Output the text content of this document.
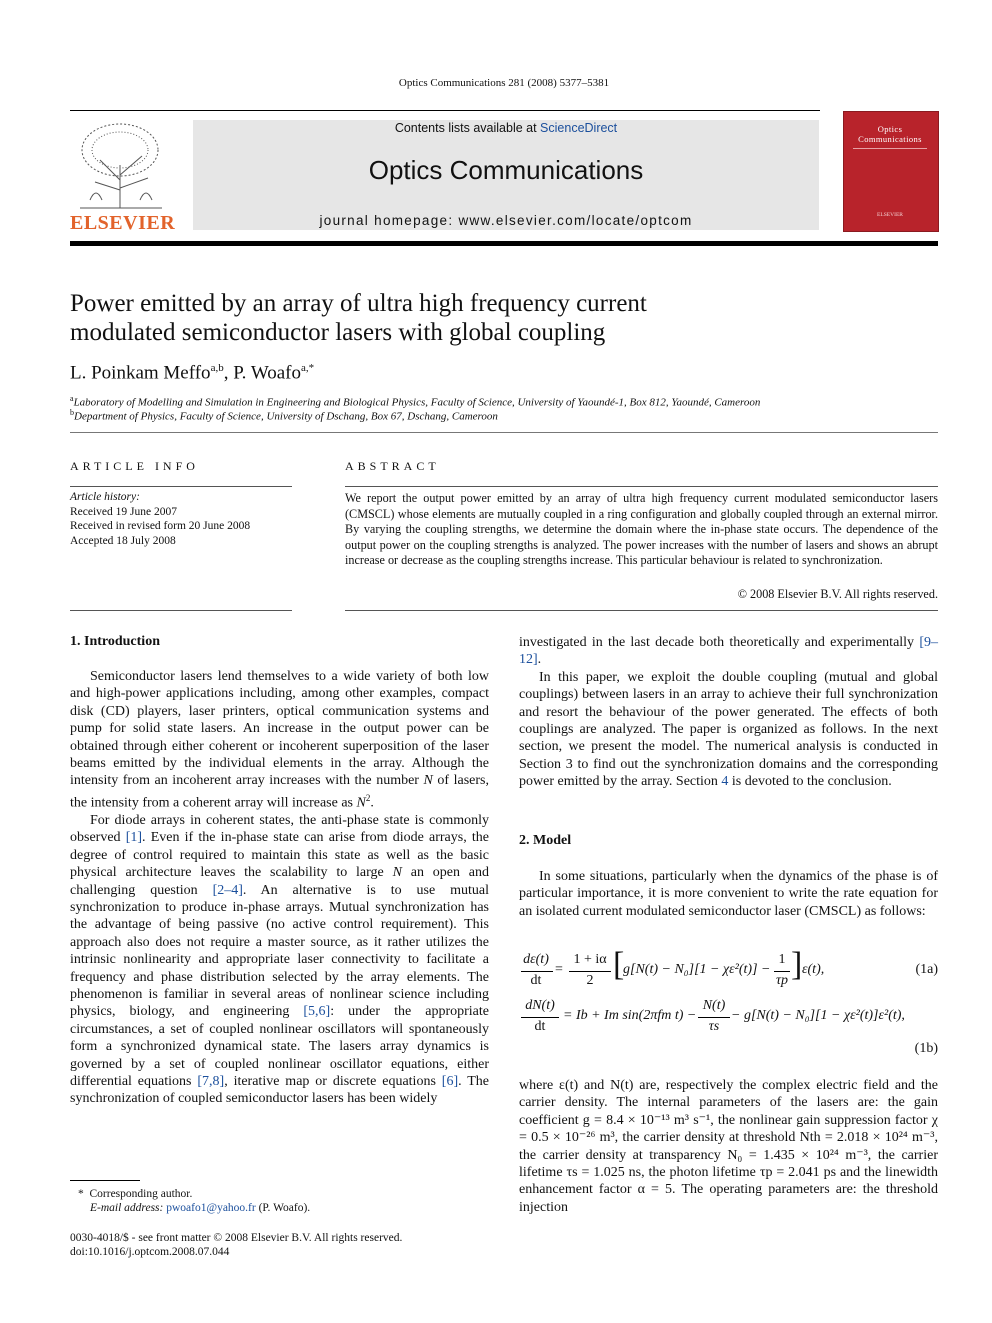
Optics Communications 281 (2008) 5377–5381
ELSEVIER
Contents lists available at ScienceDirect
Optics Communications
journal homepage: www.elsevier.com/locate/optcom
Optics
Communications
ELSEVIER
Power emitted by an array of ultra high frequency current
modulated semiconductor lasers with global coupling
L. Poinkam Meffo$^{a,b}$, P. Woafo$^{a,*}$
$^a$Laboratory of Modelling and Simulation in Engineering and Biological Physics, Faculty of Science, University of Yaoundé-1, Box 812, Yaoundé, Cameroon
$^b$Department of Physics, Faculty of Science, University of Dschang, Box 67, Dschang, Cameroon
ARTICLE INFO
Article history:
Received 19 June 2007
Received in revised form 20 June 2008
Accepted 18 July 2008
ABSTRACT
We report the output power emitted by an array of ultra high frequency current modulated semiconductor lasers (CMSCL) whose elements are mutually coupled in a ring configuration and globally coupled through an external mirror. By varying the coupling strengths, we determine the domain where the in-phase state occurs. The dependence of the output power on the coupling strengths is analyzed. The power increases with the number of lasers and shows an abrupt increase or decrease as the coupling strengths increase. This particular behaviour is related to synchronization.
© 2008 Elsevier B.V. All rights reserved.
1. Introduction

Semiconductor lasers lend themselves to a wide variety of both low and high-power applications including, among other examples, compact disk (CD) players, laser printers, optical communication systems and pump for solid state lasers. An increase in the output power can be obtained through either coherent or incoherent superposition of the laser beams emitted by the individual elements in the array. Although the intensity from an incoherent array increases with the number N of lasers, the intensity from a coherent array will increase as $N^2$.

For diode arrays in coherent states, the anti-phase state is commonly observed [1]. Even if the in-phase state can arise from diode arrays, the degree of control required to maintain this state as well as the basic physical architecture leaves the scalability to large N an open and challenging question [2–4]. An alternative is to use mutual synchronization to produce in-phase arrays. Mutual synchronization has the advantage of being passive (no active control requirement). This approach also does not require a master source, as it rather utilizes the intrinsic nonlinearity and appropriate laser connectivity to facilitate a frequency and phase distribution selected by the array elements. The phenomenon is familiar in several areas of nonlinear science including physics, biology, and engineering [5,6]: under the appropriate circumstances, a set of coupled nonlinear oscillators will spontaneously form a synchronized dynamical state. The lasers array dynamics is governed by a set of coupled nonlinear oscillator equations, either differential equations [7,8], iterative map or discrete equations [6]. The synchronization of coupled semiconductor lasers has been widely

* Corresponding author.
E-mail address: pwoafo1@yahoo.fr (P. Woafo).
0030-4018/$ - see front matter © 2008 Elsevier B.V. All rights reserved.
doi:10.1016/j.optcom.2008.07.044

investigated in the last decade both theoretically and experimentally [9–12].

In this paper, we exploit the double coupling (mutual and global couplings) between lasers in an array to achieve their full synchronization and resort the behaviour of the power generated. The effects of both couplings are analyzed. The paper is organized as follows. In the next section, we present the model. The numerical analysis is conducted in Section 3 to find out the synchronization domains and the corresponding power emitted by the array. Section 4 is devoted to the conclusion.

2. Model

In some situations, particularly when the dynamics of the phase is of particular importance, it is more convenient to write the rate equation for an isolated current modulated semiconductor laser (CMSCL) as follows:

dε(t)
dt
=
1 + iα
2 [
g[N(t) − N₀][1 − χε²(t)] −
1
τp ] ε(t),	(1a)
dN(t)
dt
= Ib + Im sin(2πfm t) −
N(t)
τs
− g[N(t) − N₀][1 − χε²(t)]ε²(t),
(1b)

where ε(t) and N(t) are, respectively the complex electric field and the carrier density. The internal parameters of the lasers are: the gain coefficient g = 8.4 × 10⁻¹³ m³ s⁻¹, the nonlinear gain suppression factor χ = 0.5 × 10⁻²⁶ m³, the carrier density at threshold Nth = 2.018 × 10²⁴ m⁻³, the carrier density at transparency N₀ = 1.435 × 10²⁴ m⁻³, the carrier lifetime τs = 1.025 ns, the photon lifetime τp = 2.041 ps and the linewidth enhancement factor α = 5. The operating parameters are: the threshold injection
